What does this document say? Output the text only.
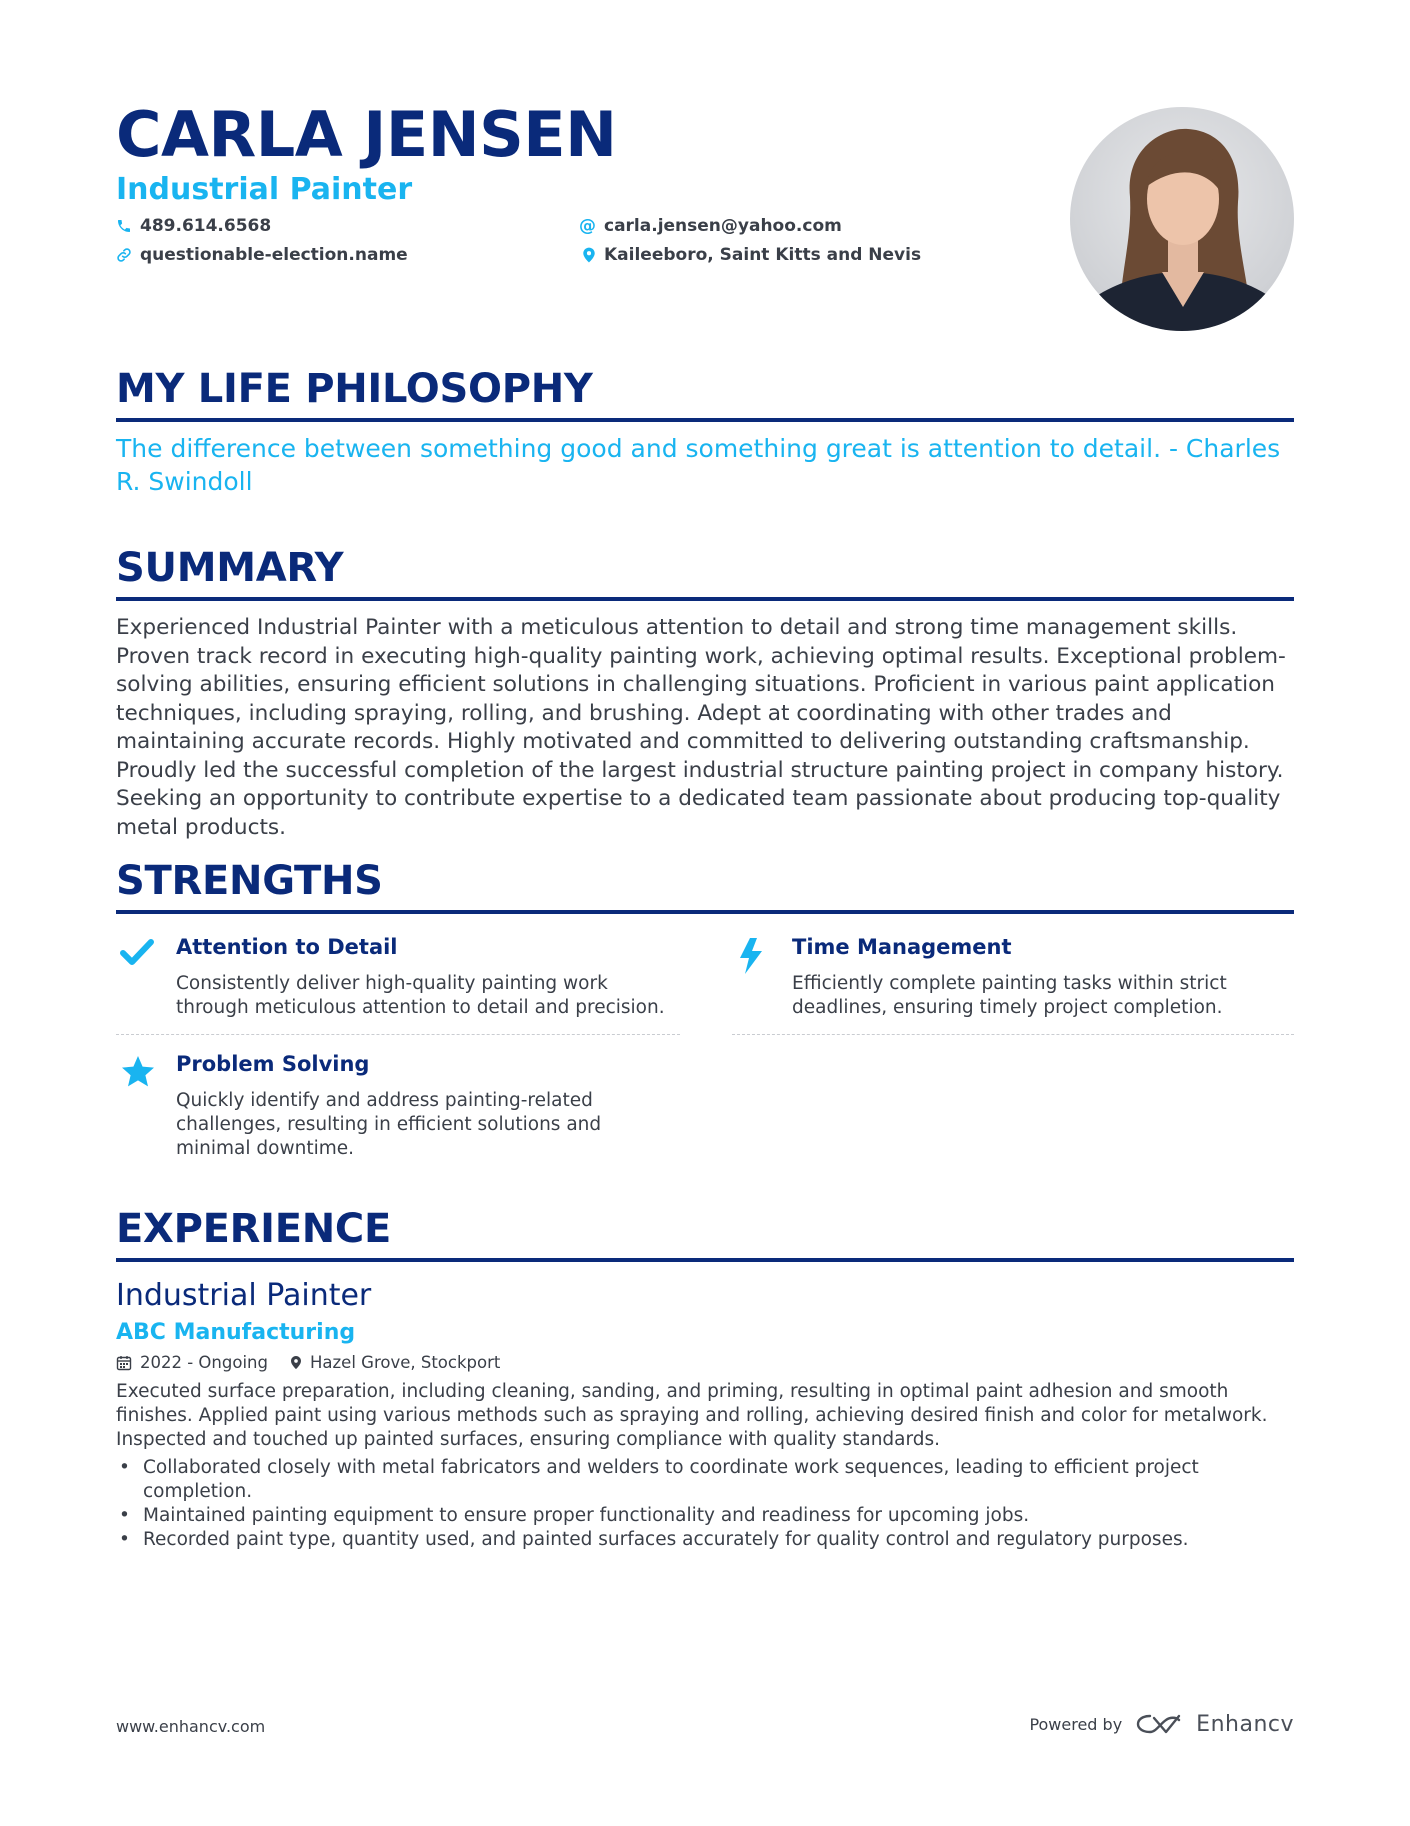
CARLA JENSEN
Industrial Painter
489.614.6568	@ carla.jensen@yahoo.com
questionable-election.name	Kaileeboro, Saint Kitts and Nevis
MY LIFE PHILOSOPHY
The difference between something good and something great is attention to detail. - Charles R. Swindoll
SUMMARY
Experienced Industrial Painter with a meticulous attention to detail and strong time management skills. Proven track record in executing high-quality painting work, achieving optimal results. Exceptional problem-solving abilities, ensuring efficient solutions in challenging situations. Proficient in various paint application techniques, including spraying, rolling, and brushing. Adept at coordinating with other trades and maintaining accurate records. Highly motivated and committed to delivering outstanding craftsmanship. Proudly led the successful completion of the largest industrial structure painting project in company history. Seeking an opportunity to contribute expertise to a dedicated team passionate about producing top-quality metal products.
STRENGTHS
Attention to Detail
Consistently deliver high-quality painting work through meticulous attention to detail and precision.
Time Management
Efficiently complete painting tasks within strict deadlines, ensuring timely project completion.
Problem Solving
Quickly identify and address painting-related challenges, resulting in efficient solutions and minimal downtime.
EXPERIENCE
Industrial Painter
ABC Manufacturing
2022 - Ongoing	Hazel Grove, Stockport
Executed surface preparation, including cleaning, sanding, and priming, resulting in optimal paint adhesion and smooth finishes. Applied paint using various methods such as spraying and rolling, achieving desired finish and color for metalwork. Inspected and touched up painted surfaces, ensuring compliance with quality standards.
• Collaborated closely with metal fabricators and welders to coordinate work sequences, leading to efficient project completion.
• Maintained painting equipment to ensure proper functionality and readiness for upcoming jobs.
• Recorded paint type, quantity used, and painted surfaces accurately for quality control and regulatory purposes.
www.enhancv.com	Powered by	Enhancv
